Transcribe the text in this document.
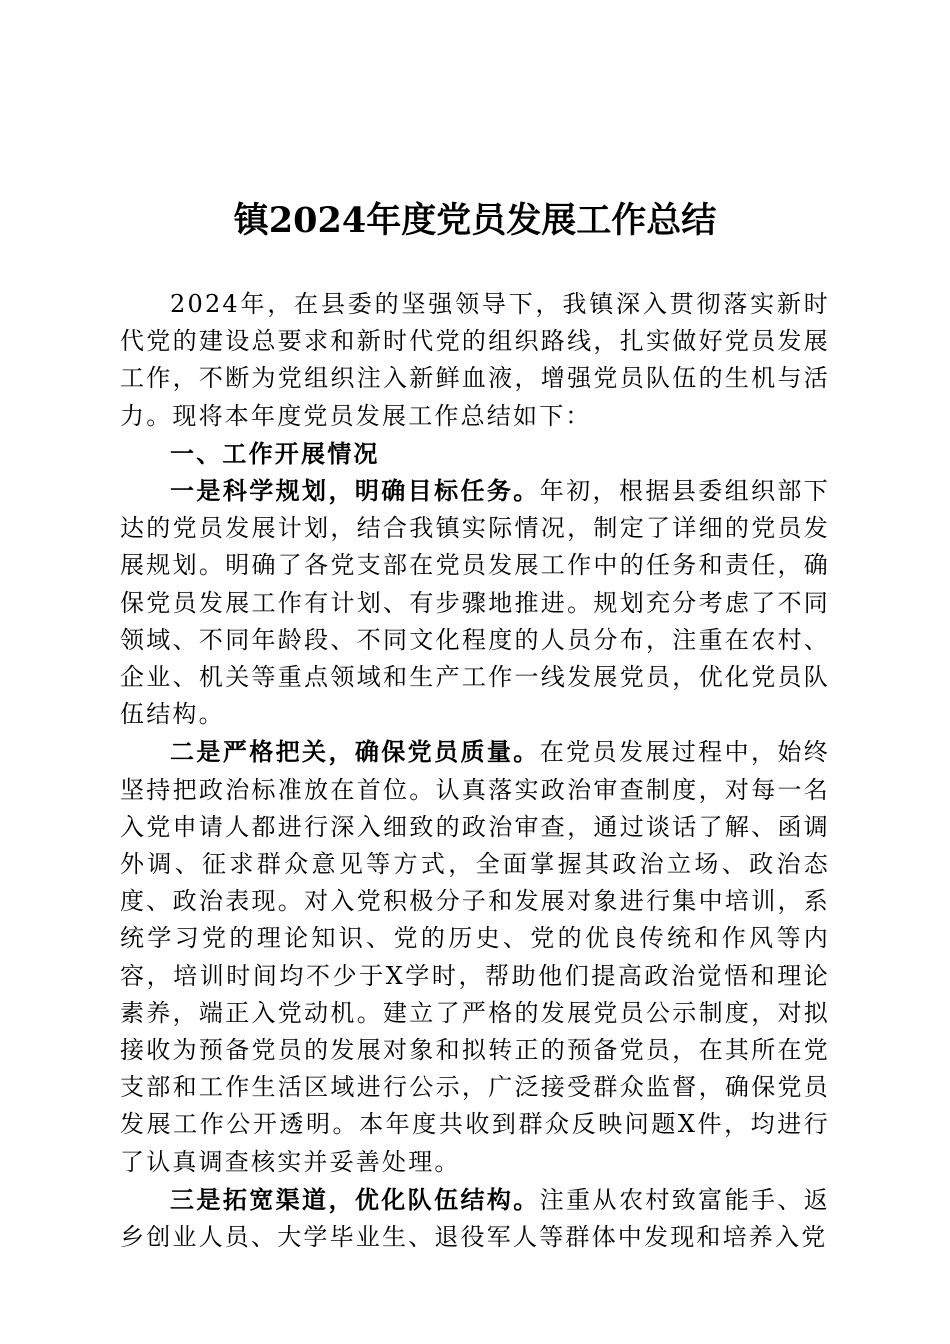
镇2024年度党员发展工作总结

2024年，在县委的坚强领导下，我镇深入贯彻落实新时代党的建设总要求和新时代党的组织路线，扎实做好党员发展工作，不断为党组织注入新鲜血液，增强党员队伍的生机与活力。现将本年度党员发展工作总结如下：

一、工作开展情况

一是科学规划，明确目标任务。年初，根据县委组织部下达的党员发展计划，结合我镇实际情况，制定了详细的党员发展规划。明确了各党支部在党员发展工作中的任务和责任，确保党员发展工作有计划、有步骤地推进。规划充分考虑了不同领域、不同年龄段、不同文化程度的人员分布，注重在农村、企业、机关等重点领域和生产工作一线发展党员，优化党员队伍结构。

二是严格把关，确保党员质量。在党员发展过程中，始终坚持把政治标准放在首位。认真落实政治审查制度，对每一名入党申请人都进行深入细致的政治审查，通过谈话了解、函调外调、征求群众意见等方式，全面掌握其政治立场、政治态度、政治表现。对入党积极分子和发展对象进行集中培训，系统学习党的理论知识、党的历史、党的优良传统和作风等内容，培训时间均不少于X学时，帮助他们提高政治觉悟和理论素养，端正入党动机。建立了严格的发展党员公示制度，对拟接收为预备党员的发展对象和拟转正的预备党员，在其所在党支部和工作生活区域进行公示，广泛接受群众监督，确保党员发展工作公开透明。本年度共收到群众反映问题X件，均进行了认真调查核实并妥善处理。

三是拓宽渠道，优化队伍结构。注重从农村致富能手、返乡创业人员、大学毕业生、退役军人等群体中发现和培养入党
